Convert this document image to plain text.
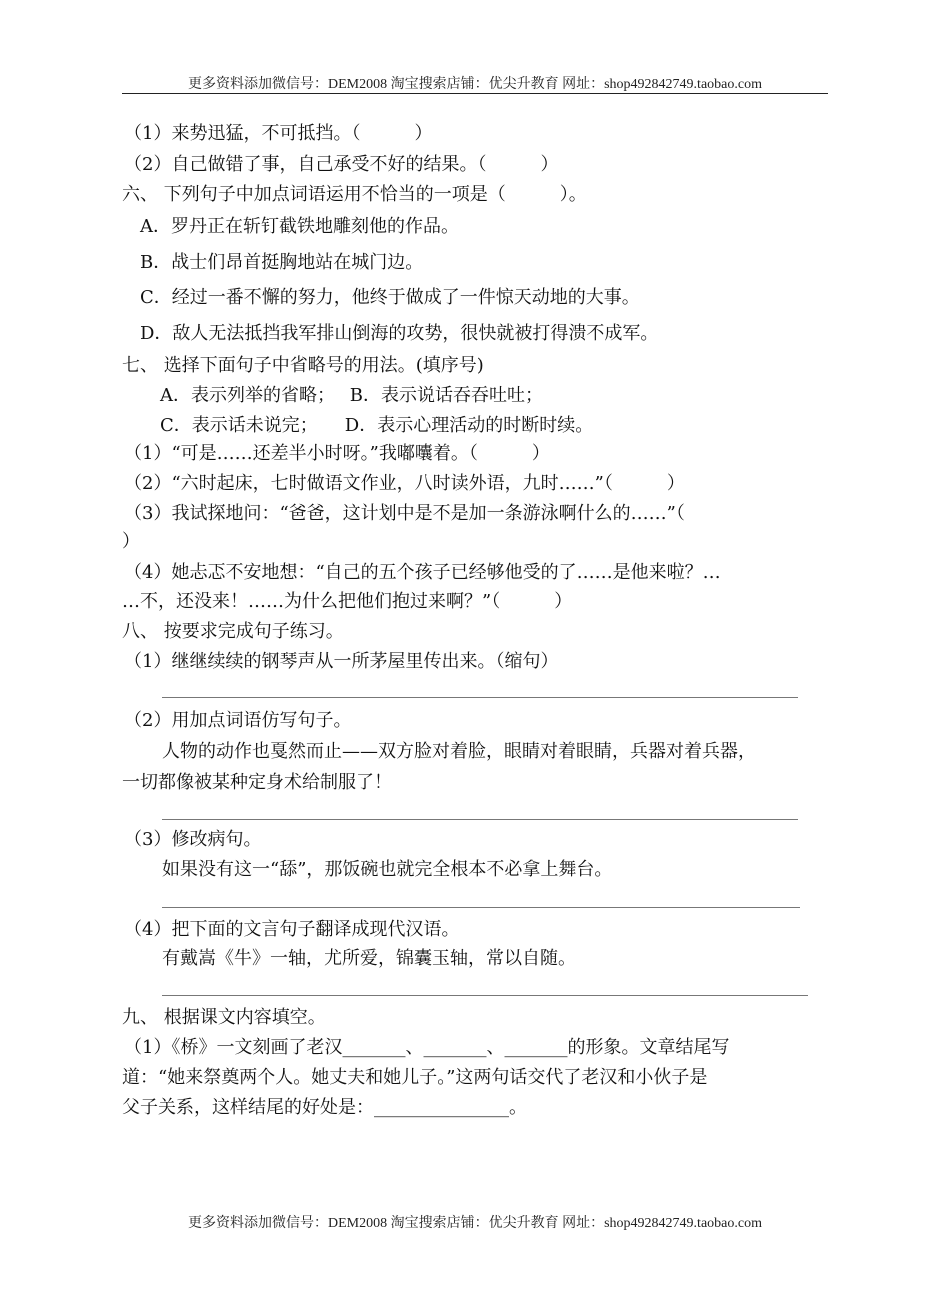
更多资料添加微信号：DEM2008 淘宝搜索店铺：优尖升教育 网址：shop492842749.taobao.com
（1）来势迅猛，不可抵挡。（　　　）
（2）自己做错了事，自己承受不好的结果。（　　　）
六、 下列句子中加点词语运用不恰当的一项是（　　　）。
A．罗丹正在斩钉截铁地雕刻他的作品。
B．战士们昂首挺胸地站在城门边。
C．经过一番不懈的努力，他终于做成了一件惊天动地的大事。
D．敌人无法抵挡我军排山倒海的攻势，很快就被打得溃不成军。
七、 选择下面句子中省略号的用法。(填序号)
A．表示列举的省略；　 B．表示说话吞吞吐吐；
C．表示话未说完；　　D．表示心理活动的时断时续。
（1）“可是……还差半小时呀。”我嘟囔着。（　　　）
（2）“六时起床，七时做语文作业，八时读外语，九时……”（　　　）
（3）我试探地问：“爸爸，这计划中是不是加一条游泳啊什么的……”（
）
（4）她忐忑不安地想：“自己的五个孩子已经够他受的了……是他来啦？…
…不，还没来！……为什么把他们抱过来啊？”（　　　）
八、 按要求完成句子练习。
（1）继继续续的钢琴声从一所茅屋里传出来。（缩句）
（2）用加点词语仿写句子。
人物的动作也戛然而止——双方脸对着脸，眼睛对着眼睛，兵器对着兵器，
一切都像被某种定身术给制服了！
（3）修改病句。
如果没有这一“舔”，那饭碗也就完全根本不必拿上舞台。
（4）把下面的文言句子翻译成现代汉语。
有戴嵩《牛》一轴，尤所爱，锦囊玉轴，常以自随。
九、 根据课文内容填空。
（1）《桥》一文刻画了老汉_______、_______、_______的形象。文章结尾写
道：“她来祭奠两个人。她丈夫和她儿子。”这两句话交代了老汉和小伙子是
父子关系，这样结尾的好处是：_______________。
更多资料添加微信号：DEM2008 淘宝搜索店铺：优尖升教育 网址：shop492842749.taobao.com
